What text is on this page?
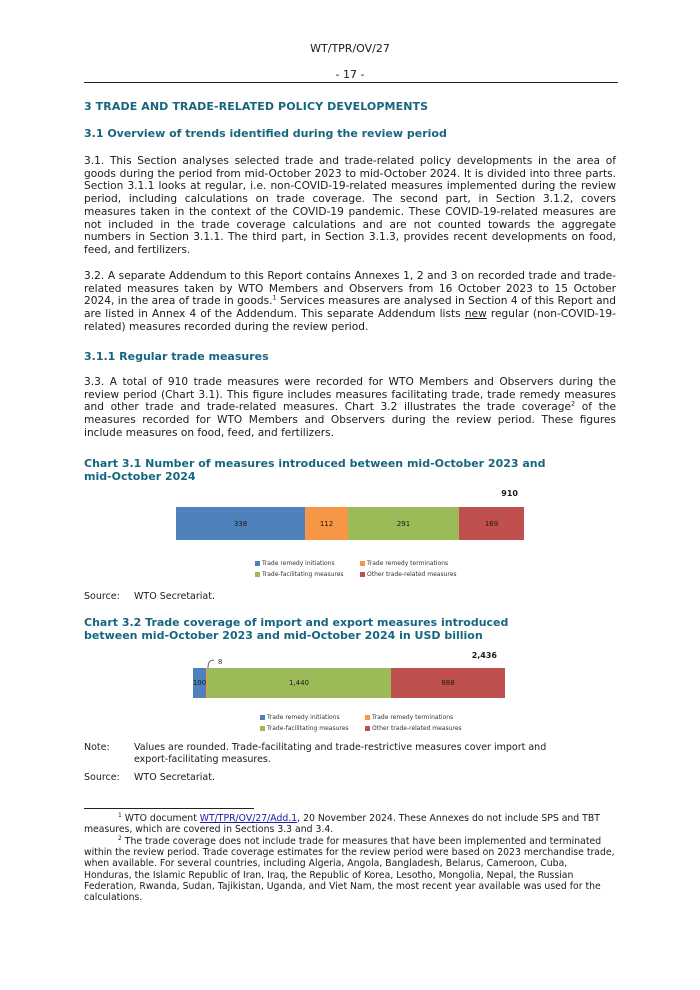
WT/TPR/OV/27
- 17 -
3 TRADE AND TRADE-RELATED POLICY DEVELOPMENTS
3.1 Overview of trends identified during the review period
3.1. This Section analyses selected trade and trade-related policy developments in the area of goods during the period from mid-October 2023 to mid-October 2024. It is divided into three parts. Section 3.1.1 looks at regular, i.e. non-COVID-19-related measures implemented during the review period, including calculations on trade coverage. The second part, in Section 3.1.2, covers measures taken in the context of the COVID-19 pandemic. These COVID-19-related measures are not included in the trade coverage calculations and are not counted towards the aggregate numbers in Section 3.1.1. The third part, in Section 3.1.3, provides recent developments on food, feed, and fertilizers.
3.2. A separate Addendum to this Report contains Annexes 1, 2 and 3 on recorded trade and trade-related measures taken by WTO Members and Observers from 16 October 2023 to 15 October 2024, in the area of trade in goods.$^1$ Services measures are analysed in Section 4 of this Report and are listed in Annex 4 of the Addendum. This separate Addendum lists new regular (non-COVID-19-related) measures recorded during the review period.
3.1.1 Regular trade measures
3.3. A total of 910 trade measures were recorded for WTO Members and Observers during the review period (Chart 3.1). This figure includes measures facilitating trade, trade remedy measures and other trade and trade-related measures. Chart 3.2 illustrates the trade coverage$^2$ of the measures recorded for WTO Members and Observers during the review period. These figures include measures on food, feed, and fertilizers.
Chart 3.1 Number of measures introduced between mid-October 2023 and mid-October 2024
910
338	112	291	169
Trade remedy initiations	Trade remedy terminations
Trade-facilitating measures	Other trade-related measures
Source:	WTO Secretariat.
Chart 3.2 Trade coverage of import and export measures introduced between mid-October 2023 and mid-October 2024 in USD billion
2,436
8
100	1,440	888
Trade remedy initiations	Trade remedy terminations
Trade-facilitating measures	Other trade-related measures
Note:	Values are rounded. Trade-facilitating and trade-restrictive measures cover import and export-facilitating measures.
Source:	WTO Secretariat.
$^1$ WTO document WT/TPR/OV/27/Add.1, 20 November 2024. These Annexes do not include SPS and TBT measures, which are covered in Sections 3.3 and 3.4.
$^2$ The trade coverage does not include trade for measures that have been implemented and terminated within the review period. Trade coverage estimates for the review period were based on 2023 merchandise trade, when available. For several countries, including Algeria, Angola, Bangladesh, Belarus, Cameroon, Cuba, Honduras, the Islamic Republic of Iran, Iraq, the Republic of Korea, Lesotho, Mongolia, Nepal, the Russian Federation, Rwanda, Sudan, Tajikistan, Uganda, and Viet Nam, the most recent year available was used for the calculations.
